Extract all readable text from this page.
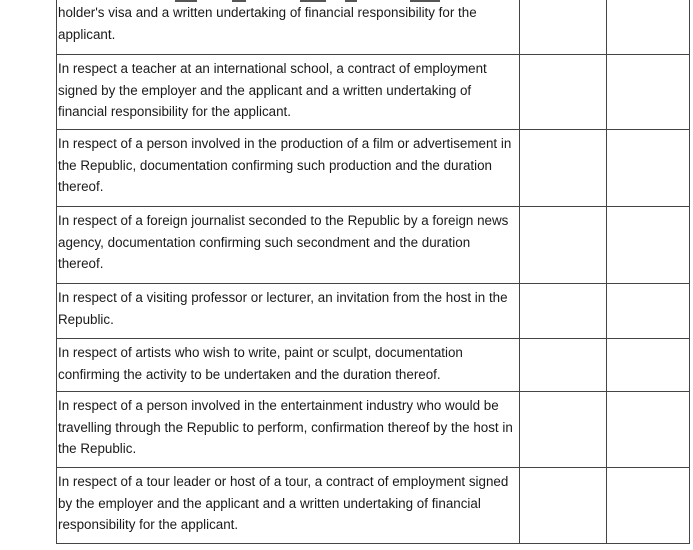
holder's visa and a written undertaking of financial responsibility for the applicant.		

In respect a teacher at an international school, a contract of employment signed by the employer and the applicant and a written undertaking of financial responsibility for the applicant.		

In respect of a person involved in the production of a film or advertisement in the Republic, documentation confirming such production and the duration thereof.		

In respect of a foreign journalist seconded to the Republic by a foreign news agency, documentation confirming such secondment and the duration thereof.		

In respect of a visiting professor or lecturer, an invitation from the host in the Republic.		

In respect of artists who wish to write, paint or sculpt, documentation confirming the activity to be undertaken and the duration thereof.		

In respect of a person involved in the entertainment industry who would be travelling through the Republic to perform, confirmation thereof by the host in the Republic.		

In respect of a tour leader or host of a tour, a contract of employment signed by the employer and the applicant and a written undertaking of financial responsibility for the applicant.		
